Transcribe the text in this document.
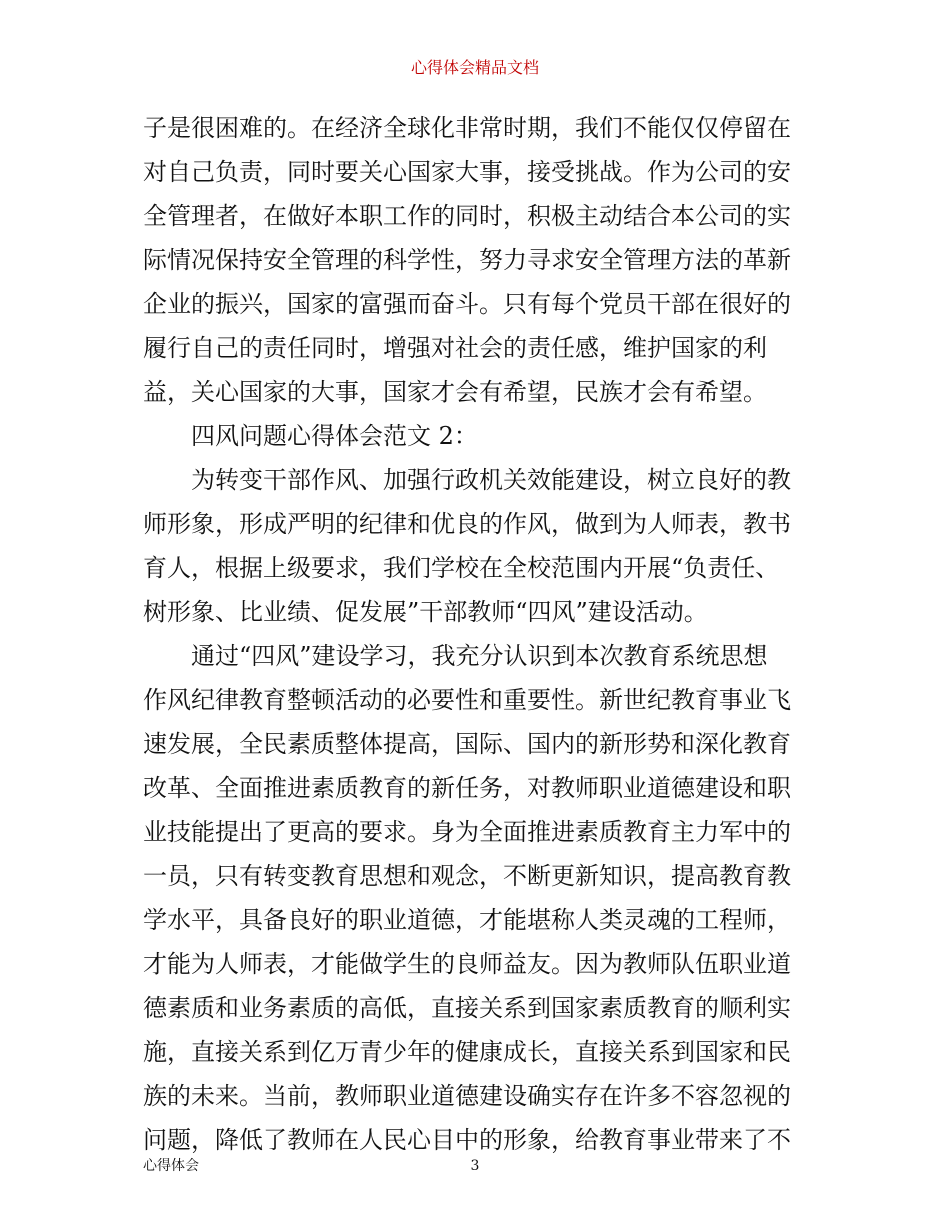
心得体会精品文档
子是很困难的。在经济全球化非常时期，我们不能仅仅停留在
对自己负责，同时要关心国家大事，接受挑战。作为公司的安
全管理者，在做好本职工作的同时，积极主动结合本公司的实
际情况保持安全管理的科学性，努力寻求安全管理方法的革新
企业的振兴，国家的富强而奋斗。只有每个党员干部在很好的
履行自己的责任同时，增强对社会的责任感，维护国家的利
益，关心国家的大事，国家才会有希望，民族才会有希望。
四风问题心得体会范文 2：
为转变干部作风、加强行政机关效能建设，树立良好的教
师形象，形成严明的纪律和优良的作风，做到为人师表，教书
育人，根据上级要求，我们学校在全校范围内开展“负责任、
树形象、比业绩、促发展”干部教师“四风”建设活动。
通过“四风”建设学习，我充分认识到本次教育系统思想
作风纪律教育整顿活动的必要性和重要性。新世纪教育事业飞
速发展，全民素质整体提高，国际、国内的新形势和深化教育
改革、全面推进素质教育的新任务，对教师职业道德建设和职
业技能提出了更高的要求。身为全面推进素质教育主力军中的
一员，只有转变教育思想和观念，不断更新知识，提高教育教
学水平，具备良好的职业道德，才能堪称人类灵魂的工程师，
才能为人师表，才能做学生的良师益友。因为教师队伍职业道
德素质和业务素质的高低，直接关系到国家素质教育的顺利实
施，直接关系到亿万青少年的健康成长，直接关系到国家和民
族的未来。当前，教师职业道德建设确实存在许多不容忽视的
问题，降低了教师在人民心目中的形象，给教育事业带来了不
心得体会	3
